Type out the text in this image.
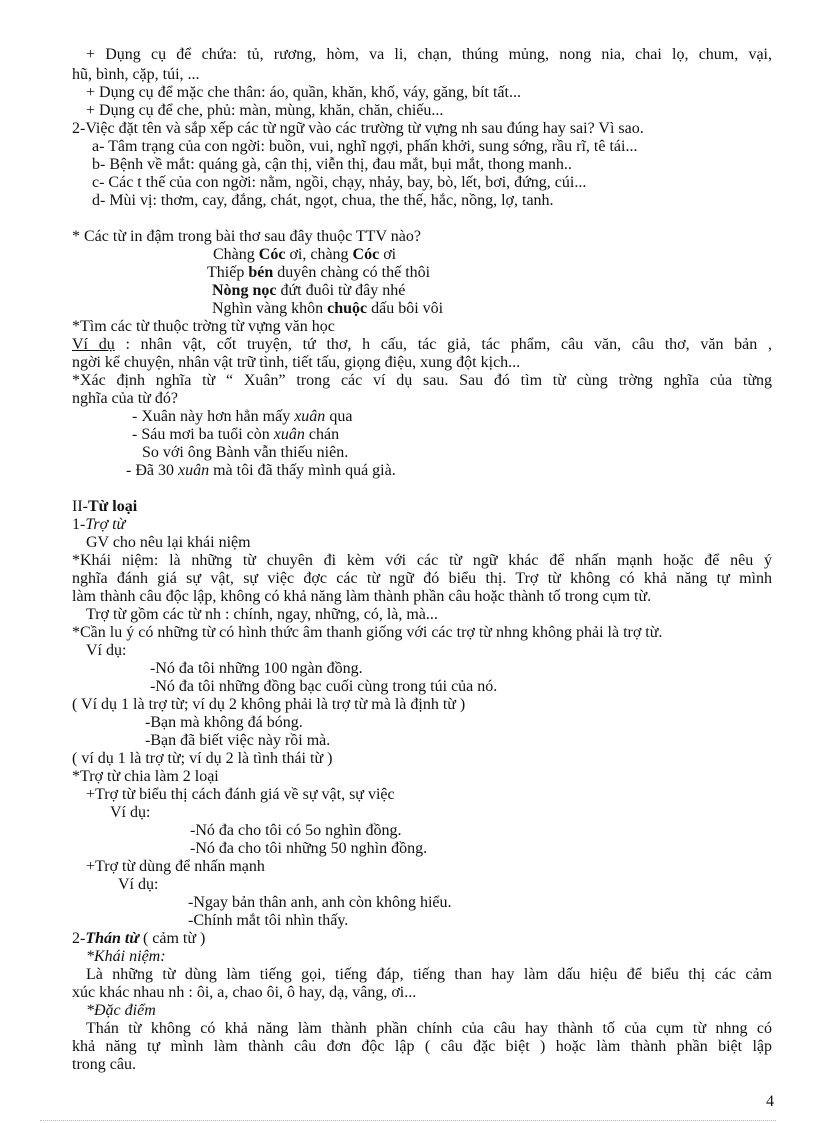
+ Dụng cụ để chứa: tủ, rương, hòm, va li, chạn, thúng mủng, nong nia, chai lọ, chum, vại,
hũ, bình, cặp, túi, ...
+ Dụng cụ để mặc che thân: áo, quần, khăn, khố, váy, găng, bít tất...
+ Dụng cụ để che, phủ: màn, mùng, khăn, chăn, chiếu...
2-Việc đặt tên và sắp xếp các từ ngữ vào các trường từ vựng nh sau đúng hay sai? Vì sao.
a- Tâm trạng của con ngời: buồn, vui, nghĩ ngợi, phấn khởi, sung sớng, rầu rĩ, tê tái...
b- Bệnh về mắt: quáng gà, cận thị, viễn thị, đau mắt, bụi mắt, thong manh..
c- Các t thế của con ngời: nằm, ngồi, chạy, nhảy, bay, bò, lết, bơi, đứng, cúi...
d- Mùi vị: thơm, cay, đắng, chát, ngọt, chua, the thế, hắc, nồng, lợ, tanh.
* Các từ in đậm trong bài thơ sau đây thuộc TTV nào?
Chàng Cóc ơi, chàng Cóc ơi
Thiếp bén duyên chàng có thế thôi
Nòng nọc đứt đuôi từ đây nhé
Nghìn vàng khôn chuộc dấu bôi vôi
*Tìm các từ thuộc trờng từ vựng văn học
Ví dụ : nhân vật, cốt truyện, tứ thơ, h cấu, tác giả, tác phẩm, câu văn, câu thơ, văn bản ,
ngời kể chuyện, nhân vật trữ tình, tiết tấu, giọng điệu, xung đột kịch...
*Xác định nghĩa từ “ Xuân” trong các ví dụ sau. Sau đó tìm từ cùng trờng nghĩa của từng
nghĩa của từ đó?
- Xuân này hơn hẳn mấy xuân qua
- Sáu mơi ba tuổi còn xuân chán
So với ông Bành vẫn thiếu niên.
- Đã 30 xuân mà tôi đã thấy mình quá già.
II-Từ loại
1-Trợ từ
GV cho nêu lại khái niệm
*Khái niệm: là những từ chuyên đi kèm với các từ ngữ khác để nhấn mạnh hoặc để nêu ý
nghĩa đánh giá sự vật, sự việc đợc các từ ngữ đó biểu thị. Trợ từ không có khả năng tự mình
làm thành câu độc lập, không có khả năng làm thành phần câu hoặc thành tố trong cụm từ.
Trợ từ gồm các từ nh : chính, ngay, những, có, là, mà...
*Cần lu ý có những từ có hình thức âm thanh giống với các trợ từ nhng không phải là trợ từ.
Ví dụ:
-Nó đa tôi những 100 ngàn đồng.
-Nó đa tôi những đồng bạc cuối cùng trong túi của nó.
( Ví dụ 1 là trợ từ; ví dụ 2 không phải là trợ từ mà là định từ )
-Bạn mà không đá bóng.
-Bạn đã biết việc này rồi mà.
( ví dụ 1 là trợ từ; ví dụ 2 là tình thái từ )
*Trợ từ chia làm 2 loại
+Trợ từ biểu thị cách đánh giá về sự vật, sự việc
Ví dụ:
-Nó đa cho tôi có 5o nghìn đồng.
-Nó đa cho tôi những 50 nghìn đồng.
+Trợ từ dùng để nhấn mạnh
Ví dụ:
-Ngay bản thân anh, anh còn không hiểu.
-Chính mắt tôi nhìn thấy.
2-Thán từ ( cảm từ )
*Khái niệm:
Là những từ dùng làm tiếng gọi, tiếng đáp, tiếng than hay làm dấu hiệu để biểu thị các cảm
xúc khác nhau nh : ôi, a, chao ôi, ô hay, dạ, vâng, ơi...
*Đặc điểm
Thán từ không có khả năng làm thành phần chính của câu hay thành tố của cụm từ nhng có
khả năng tự mình làm thành câu đơn độc lập ( câu đặc biệt ) hoặc làm thành phần biệt lập
trong câu.
4
